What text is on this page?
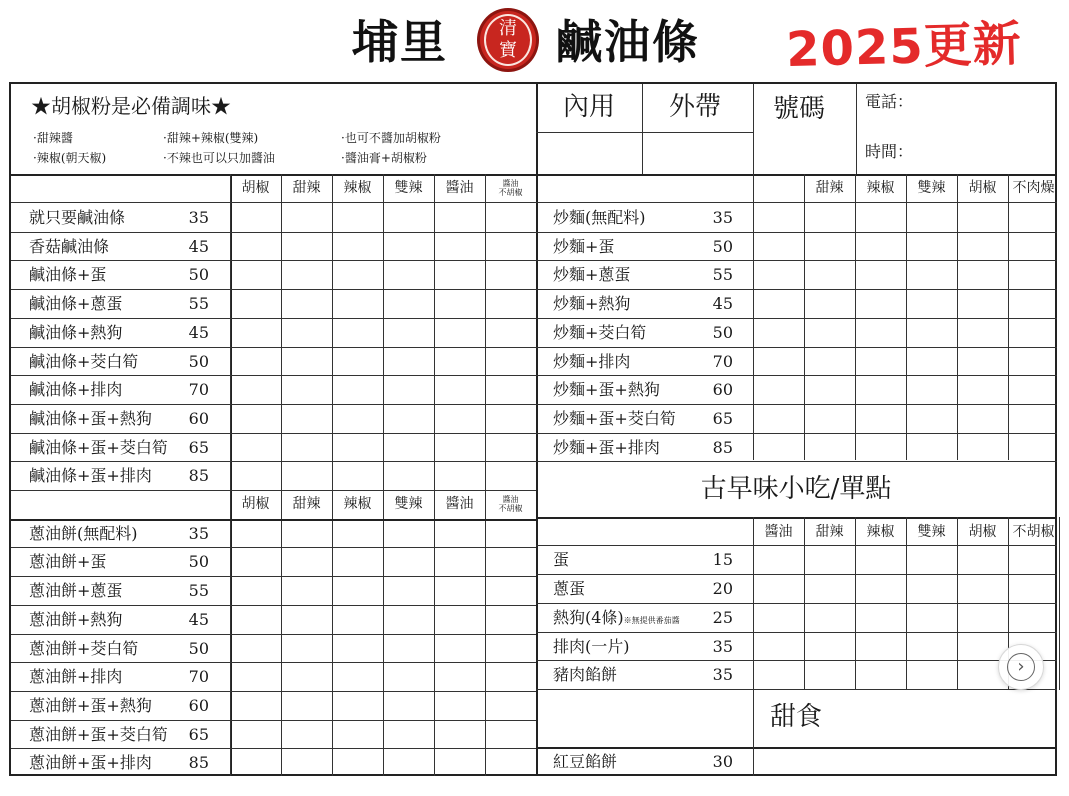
埔里	清
寶 鹹油條 2025更新
★胡椒粉是必備調味★
·甜辣醬	·甜辣+辣椒(雙辣)	·也可不醬加胡椒粉
·辣椒(朝天椒)	·不辣也可以只加醬油	·醬油膏+胡椒粉
內用 外帶 號碼 電話：
時間：
古早味小吃/單點
甜食
胡椒	甜辣	辣椒	雙辣	醬油	醬油
不胡椒
就只要鹹油條	35
香菇鹹油條	45
鹹油條+蛋	50
鹹油條+蔥蛋	55
鹹油條+熱狗	45
鹹油條+茭白筍	50
鹹油條+排肉	70
鹹油條+蛋+熱狗	60
鹹油條+蛋+茭白筍	65
鹹油條+蛋+排肉	85
胡椒	甜辣	辣椒	雙辣	醬油	醬油
不胡椒
蔥油餅(無配料)	35
蔥油餅+蛋	50
蔥油餅+蔥蛋	55
蔥油餅+熱狗	45
蔥油餅+茭白筍	50
蔥油餅+排肉	70
蔥油餅+蛋+熱狗	60
蔥油餅+蛋+茭白筍	65
蔥油餅+蛋+排肉	85
甜辣	辣椒	雙辣	胡椒	不肉燥
炒麵(無配料)	35
炒麵+蛋	50
炒麵+蔥蛋	55
炒麵+熱狗	45
炒麵+茭白筍	50
炒麵+排肉	70
炒麵+蛋+熱狗	60
炒麵+蛋+茭白筍	65
炒麵+蛋+排肉	85
醬油	甜辣	辣椒	雙辣	胡椒	不胡椒
蛋	15
蔥蛋	20
熱狗(4條)※無提供番茄醬	25
排肉(一片)	35
豬肉餡餅	35
紅豆餡餅	30
›
